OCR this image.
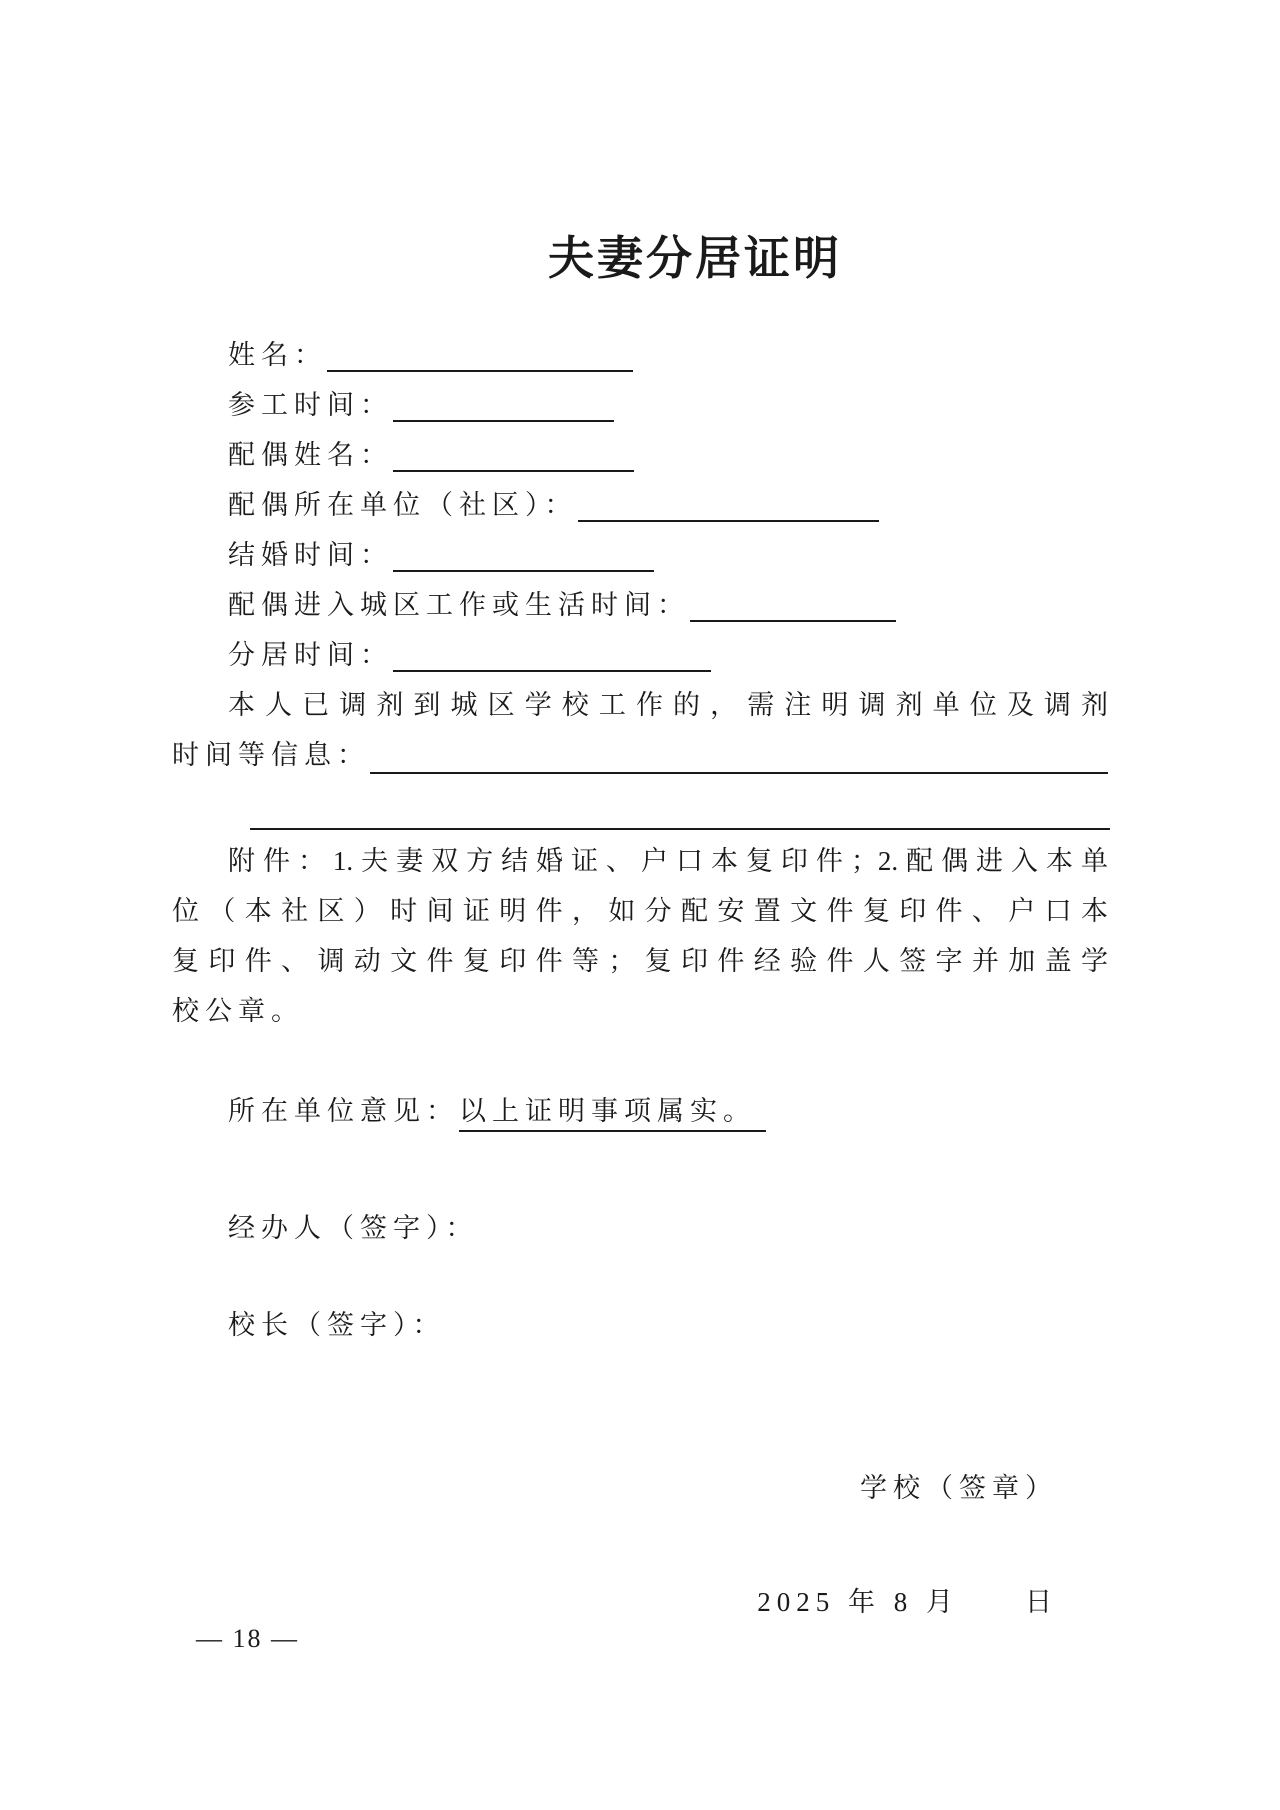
夫妻分居证明
姓名：
参工时间：
配偶姓名：
配偶所在单位（社区）：
结婚时间：
配偶进入城区工作或生活时间：
分居时间：
本人已调剂到城区学校工作的，需注明调剂单位及调剂
时间等信息：
附件：1.夫妻双方结婚证、户口本复印件；2.配偶进入本单
位（本社区）时间证明件，如分配安置文件复印件、户口本
复印件、调动文件复印件等；复印件经验件人签字并加盖学
校公章。
所在单位意见：以上证明事项属实。
经办人（签字）：
校长（签字）：

学校（签章）

2025 年 8 月　　日

— 18 —
